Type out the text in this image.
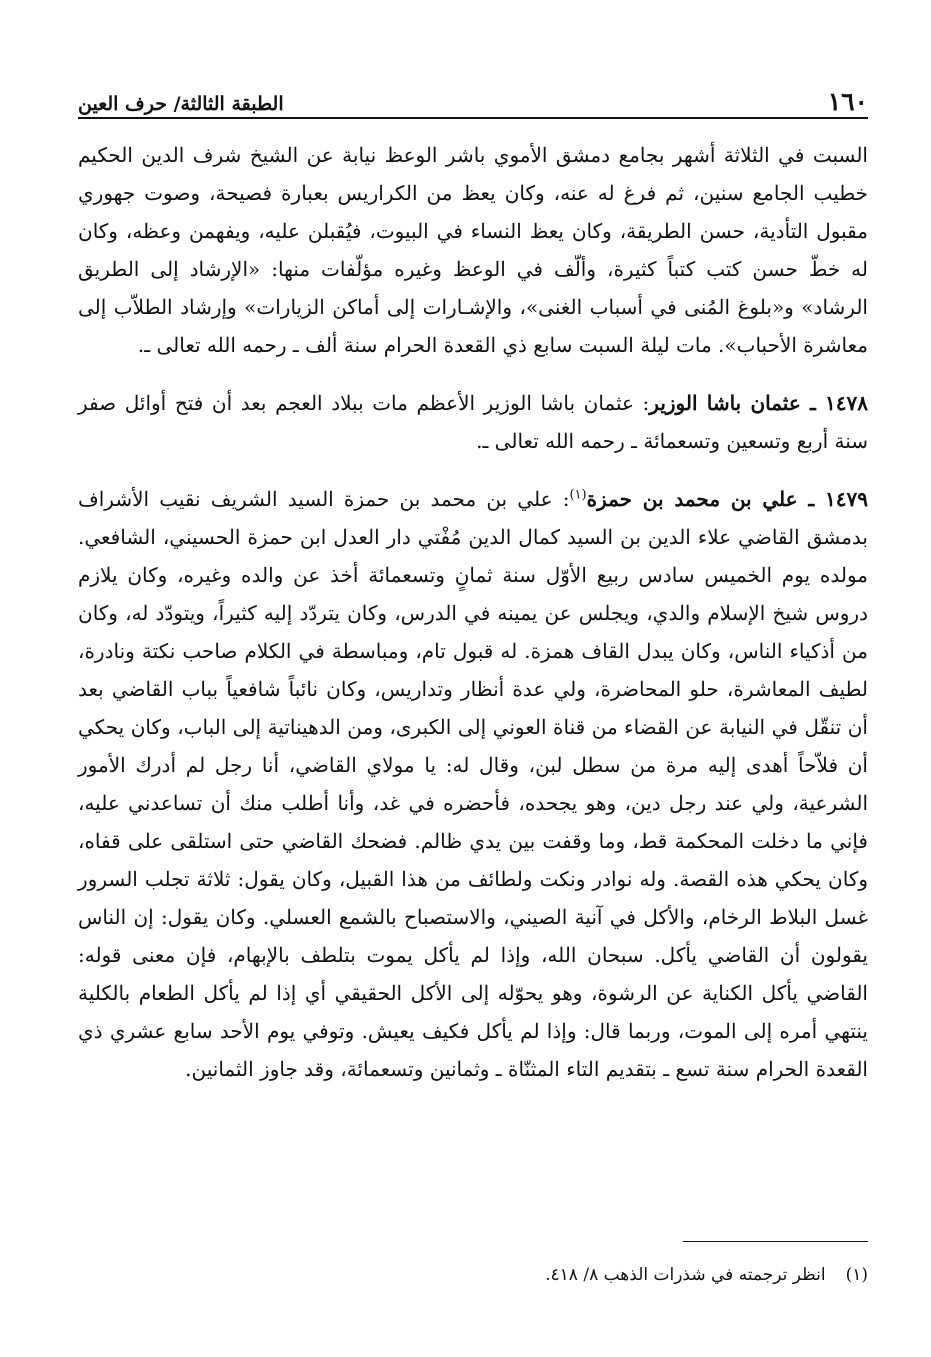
١٦٠
الطبقة الثالثة/ حرف العين

السبت في الثلاثة أشهر بجامع دمشق الأموي باشر الوعظ نيابة عن الشيخ شرف الدين الحكيم خطيب الجامع سنين، ثم فرغ له عنه، وكان يعظ من الكراريس بعبارة فصيحة، وصوت جهوري مقبول التأدية، حسن الطريقة، وكان يعظ النساء في البيوت، فيُقبلن عليه، ويفهمن وعظه، وكان له خطّ حسن كتب كتباً كثيرة، وألّف في الوعظ وغيره مؤلّفات منها: «الإرشاد إلى الطريق الرشاد» و«بلوغ المُنى في أسباب الغنى»، والإشـارات إلى أماكن الزيارات» وإرشاد الطلاّب إلى معاشرة الأحباب». مات ليلة السبت سابع ذي القعدة الحرام سنة ألف ـ رحمه الله تعالى ـ.

١٤٧٨ ـ عثمان باشا الوزير: عثمان باشا الوزير الأعظم مات ببلاد العجم بعد أن فتح أوائل صفر سنة أربع وتسعين وتسعمائة ـ رحمه الله تعالى ـ.

١٤٧٩ ـ علي بن محمد بن حمزة$^{(١)}$: علي بن محمد بن حمزة السيد الشريف نقيب الأشراف بدمشق القاضي علاء الدين بن السيد كمال الدين مُفْتي دار العدل ابن حمزة الحسيني، الشافعي. مولده يوم الخميس سادس ربيع الأوّل سنة ثمانٍ وتسعمائة أخذ عن والده وغيره، وكان يلازم دروس شيخ الإسلام والدي، ويجلس عن يمينه في الدرس، وكان يتردّد إليه كثيراً، ويتودّد له، وكان من أذكياء الناس، وكان يبدل القاف همزة. له قبول تام، ومباسطة في الكلام صاحب نكتة ونادرة، لطيف المعاشرة، حلو المحاضرة، ولي عدة أنظار وتداريس، وكان نائباً شافعياً بباب القاضي بعد أن تنقّل في النيابة عن القضاء من قناة العوني إلى الكبرى، ومن الدهيناتية إلى الباب، وكان يحكي أن فلاّحاً أهدى إليه مرة من سطل لبن، وقال له: يا مولاي القاضي، أنا رجل لم أدرك الأمور الشرعية، ولي عند رجل دين، وهو يجحده، فأحضره في غد، وأنا أطلب منك أن تساعدني عليه، فإني ما دخلت المحكمة قط، وما وقفت بين يدي ظالم. فضحك القاضي حتى استلقى على قفاه، وكان يحكي هذه القصة. وله نوادر ونكت ولطائف من هذا القبيل، وكان يقول: ثلاثة تجلب السرور غسل البلاط الرخام، والأكل في آنية الصيني، والاستصباح بالشمع العسلي. وكان يقول: إن الناس يقولون أن القاضي يأكل. سبحان الله، وإذا لم يأكل يموت بتلطف بالإبهام، فإن معنى قوله: القاضي يأكل الكناية عن الرشوة، وهو يحوّله إلى الأكل الحقيقي أي إذا لم يأكل الطعام بالكلية ينتهي أمره إلى الموت، وربما قال: وإذا لم يأكل فكيف يعيش. وتوفي يوم الأحد سابع عشري ذي القعدة الحرام سنة تسع ـ بتقديم التاء المثنّاة ـ وثمانين وتسعمائة، وقد جاوز الثمانين.

(١)انظر ترجمته في شذرات الذهب ٨/ ٤١٨.
